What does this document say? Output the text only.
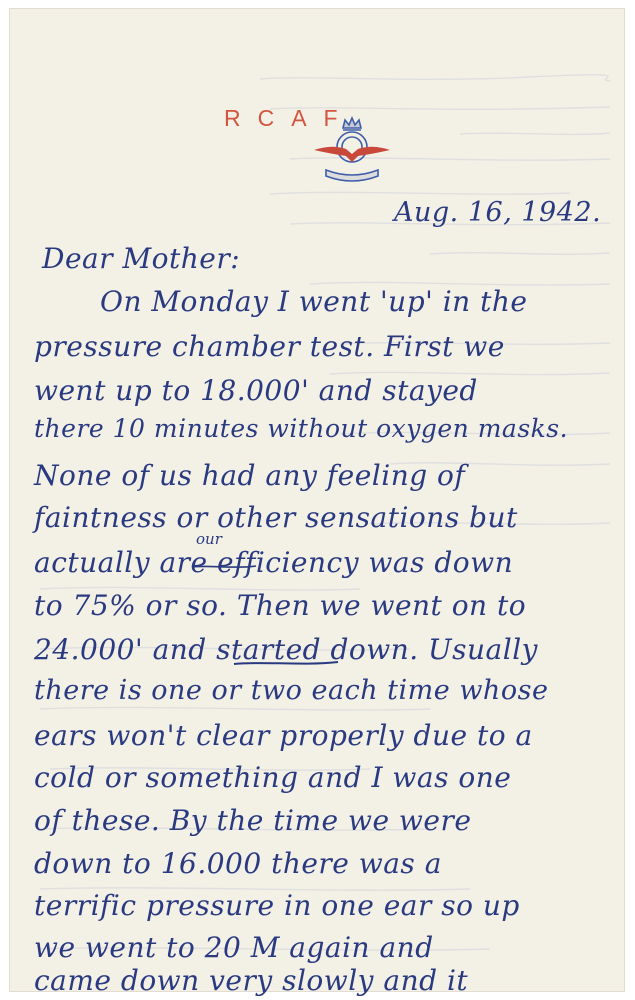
RCAF
Aug. 16, 1942.
Dear Mother:
On Monday I went 'up' in the
pressure chamber test. First we
went up to 18.000' and stayed
there 10 minutes without oxygen masks.
None of us had any feeling of
faintness or other sensations but
our
actually are efficiency was down
to 75% or so. Then we went on to
24.000' and started down. Usually
there is one or two each time whose
ears won't clear properly due to a
cold or something and I was one
of these. By the time we were
down to 16.000 there was a
terrific pressure in one ear so up
we went to 20 M again and
came down very slowly and it
